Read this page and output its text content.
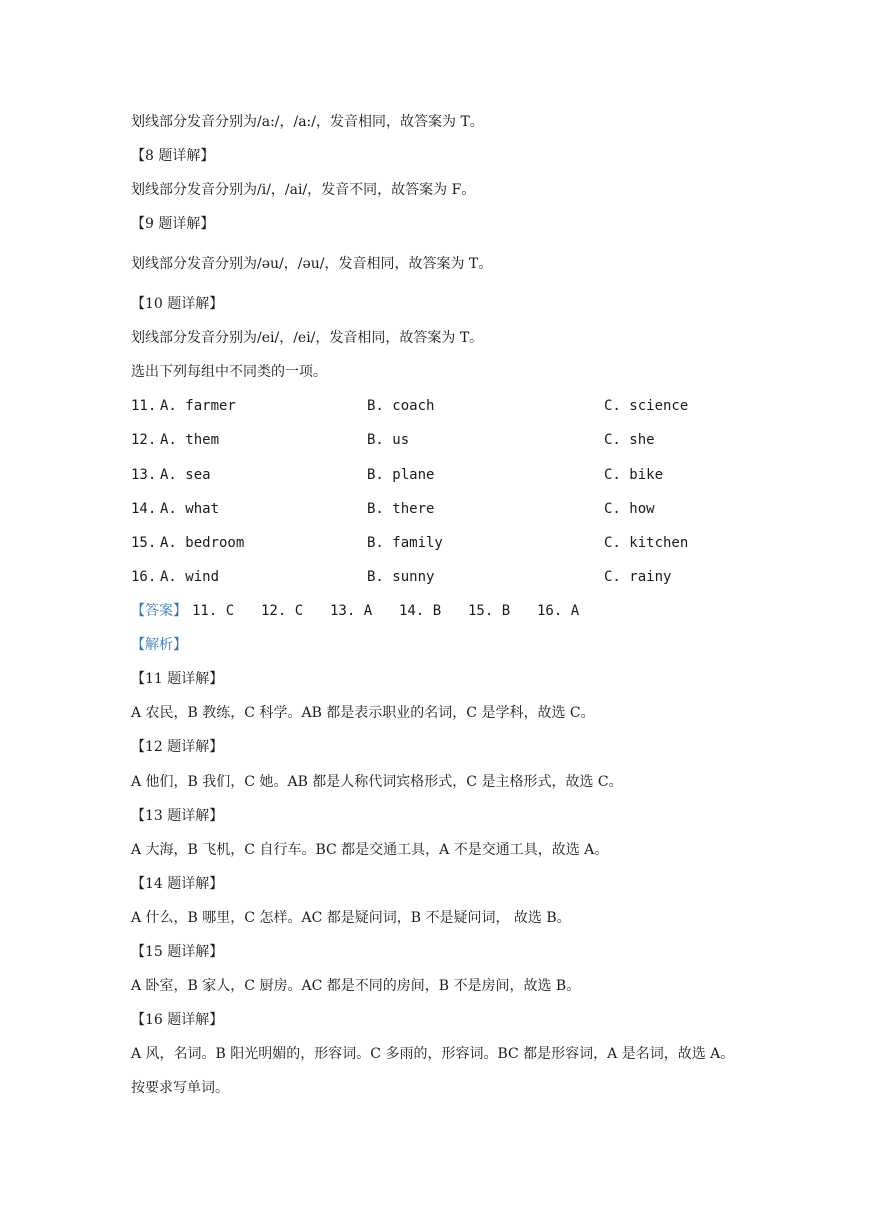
划线部分发音分别为/a:/，/a:/，发音相同，故答案为 T。
【8 题详解】
划线部分发音分别为/i/，/ai/，发音不同，故答案为 F。
【9 题详解】
划线部分发音分别为/əu/，/əu/，发音相同，故答案为 T。
【10 题详解】
划线部分发音分别为/ei/，/ei/，发音相同，故答案为 T。
选出下列每组中不同类的一项。
11. A. farmer	B. coach	C. science
12. A. them	B. us	C. she
13. A. sea	B. plane	C. bike
14. A. what	B. there	C. how
15. A. bedroom	B. family	C. kitchen
16. A. wind	B. sunny	C. rainy
【答案】 11. C 12. C 13. A 14. B 15. B 16. A
【解析】
【11 题详解】
A 农民，B 教练，C 科学。AB 都是表示职业的名词，C 是学科，故选 C。
【12 题详解】
A 他们，B 我们，C 她。AB 都是人称代词宾格形式，C 是主格形式，故选 C。
【13 题详解】
A 大海，B 飞机，C 自行车。BC 都是交通工具，A 不是交通工具，故选 A。
【14 题详解】
A 什么，B 哪里，C 怎样。AC 都是疑问词，B 不是疑问词， 故选 B。
【15 题详解】
A 卧室，B 家人，C 厨房。AC 都是不同的房间，B 不是房间，故选 B。
【16 题详解】
A 风，名词。B 阳光明媚的，形容词。C 多雨的，形容词。BC 都是形容词，A 是名词，故选 A。
按要求写单词。
